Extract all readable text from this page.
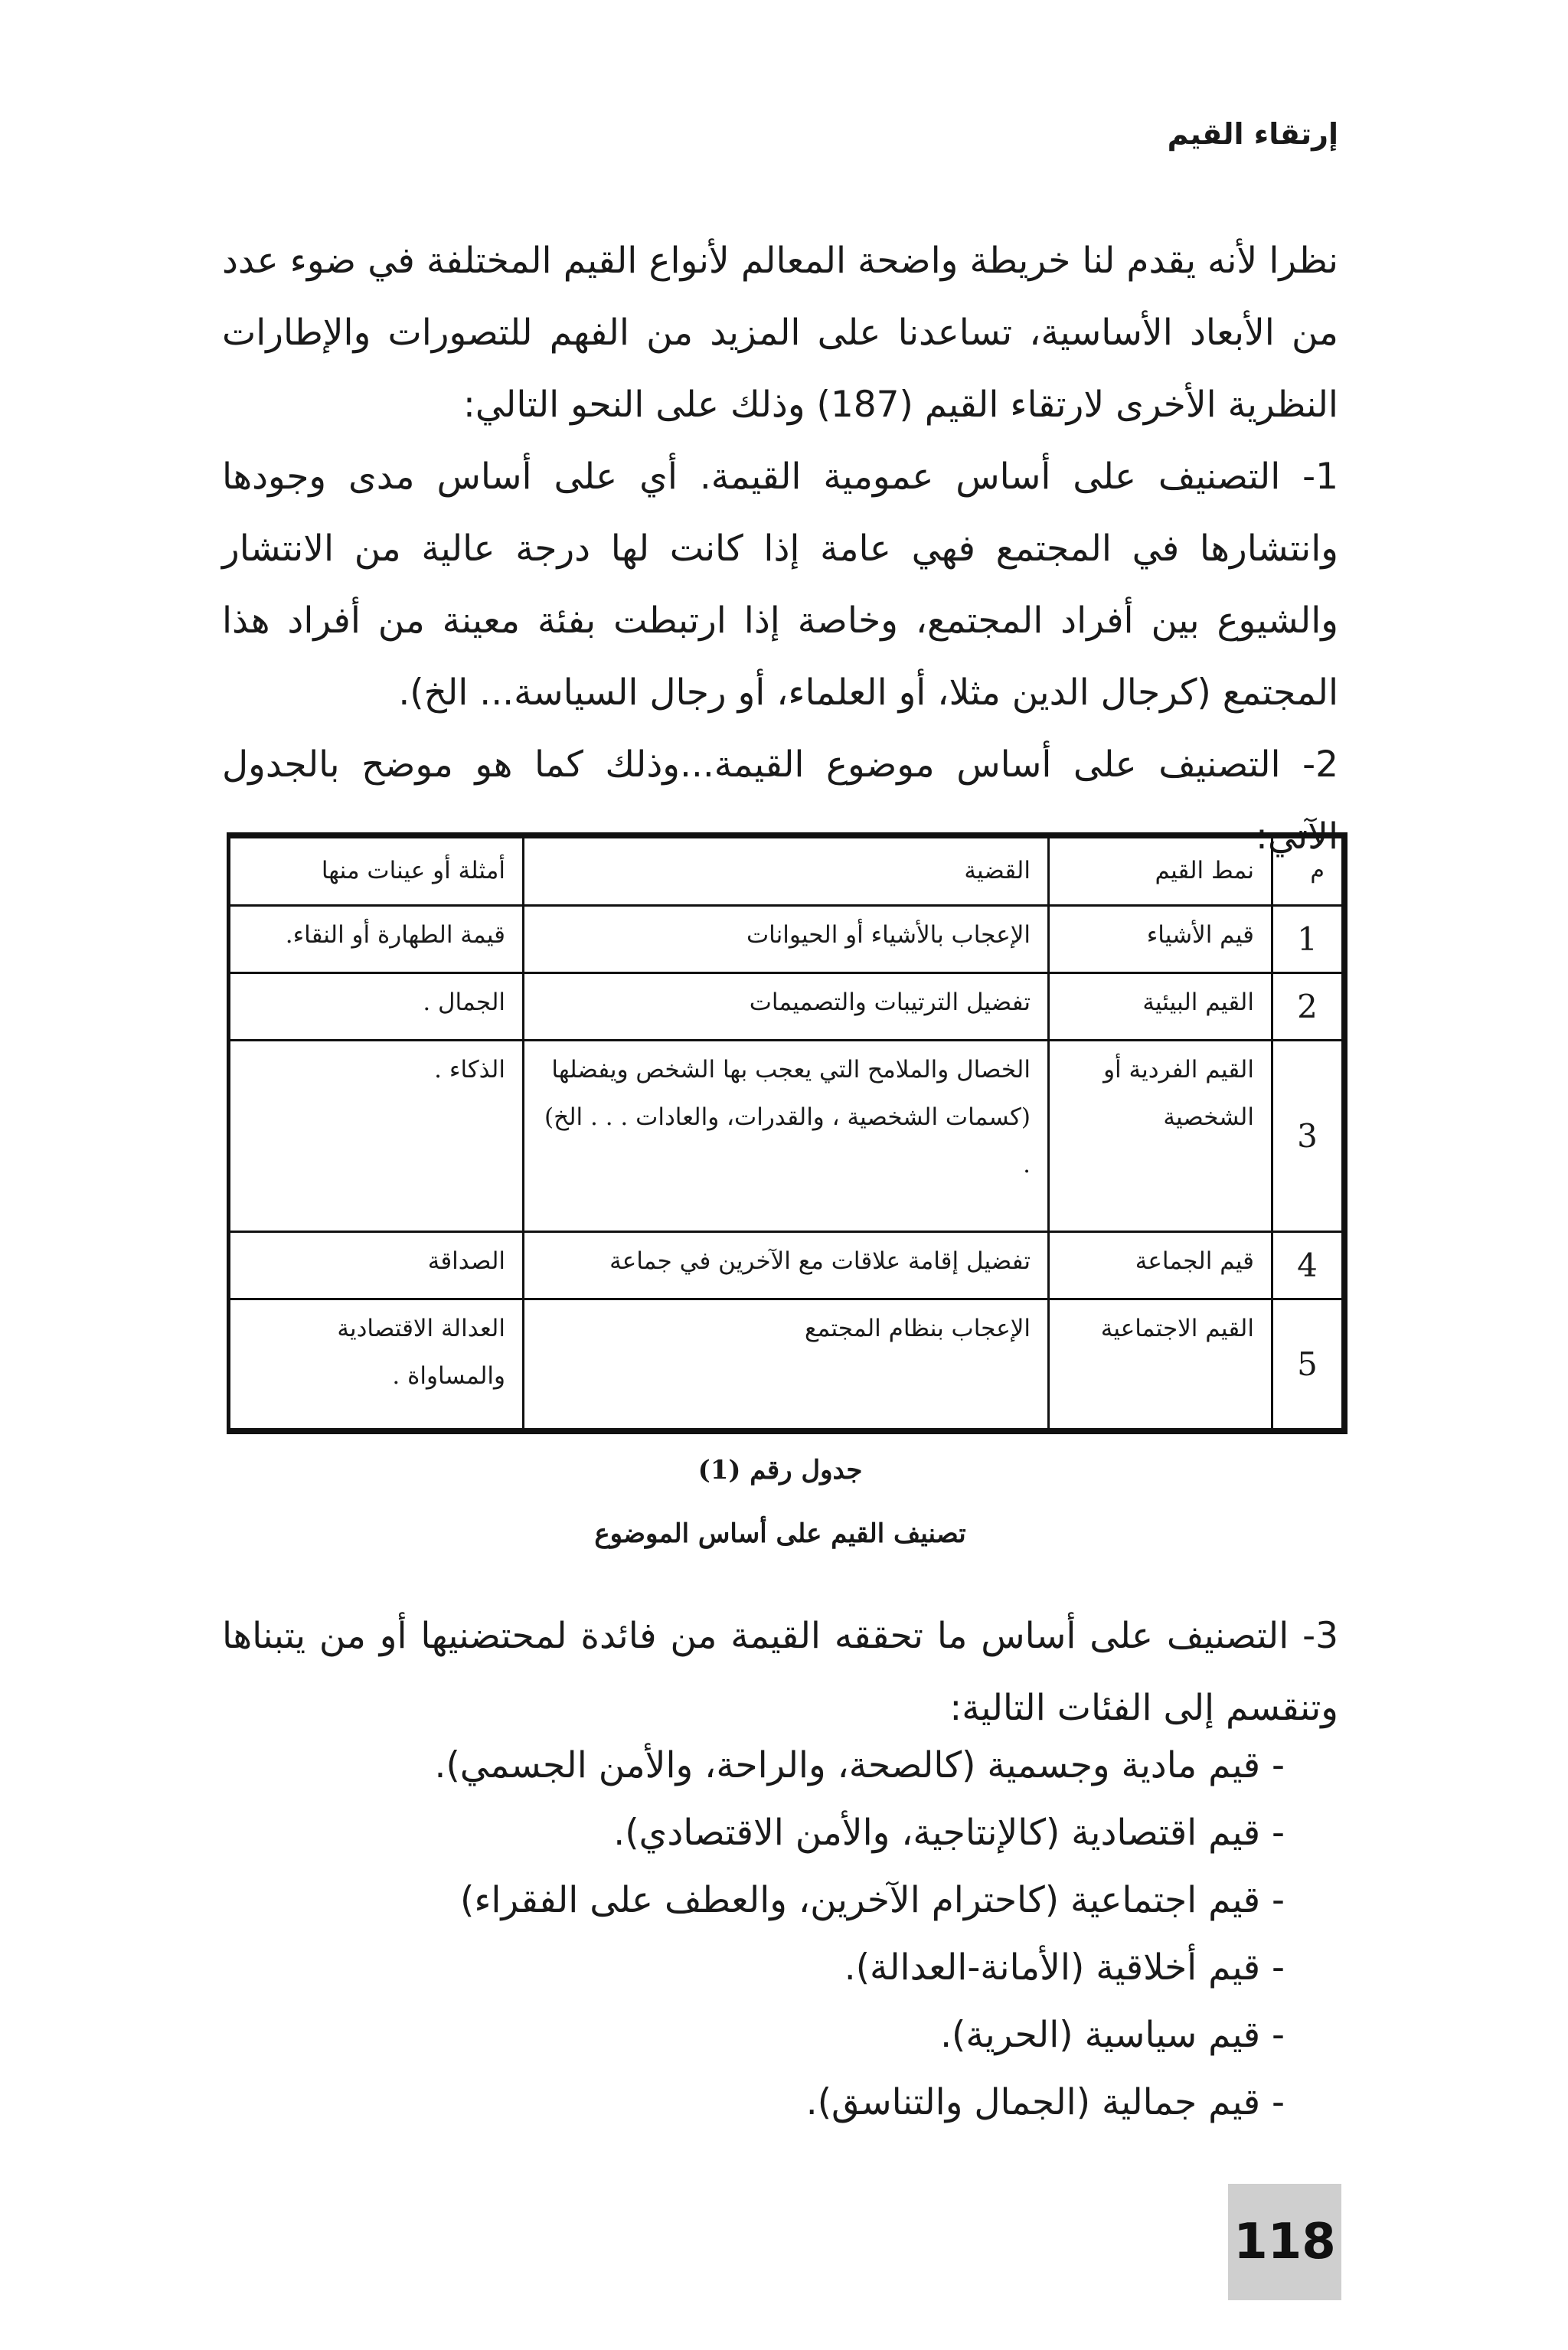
إرتقاء القيم

نظرا لأنه يقدم لنا خريطة واضحة المعالم لأنواع القيم المختلفة في ضوء عدد من الأبعاد الأساسية، تساعدنا على المزيد من الفهم للتصورات والإطارات النظرية الأخرى لارتقاء القيم (187) وذلك على النحو التالي:

1- التصنيف على أساس عمومية القيمة. أي على أساس مدى وجودها وانتشارها في المجتمع فهي عامة إذا كانت لها درجة عالية من الانتشار والشيوع بين أفراد المجتمع، وخاصة إذا ارتبطت بفئة معينة من أفراد هذا المجتمع (كرجال الدين مثلا، أو العلماء، أو رجال السياسة... الخ).

2- التصنيف على أساس موضوع القيمة...وذلك كما هو موضح بالجدول الآتي:

م	نمط القيم	القضية	أمثلة أو عينات منها
1	قيم الأشياء	الإعجاب بالأشياء أو الحيوانات	قيمة الطهارة أو النقاء.
2	القيم البيئية	تفضيل الترتيبات والتصميمات	الجمال .
3	القيم الفردية أو الشخصية	الخصال والملامح التي يعجب بها الشخص ويفضلها (كسمات الشخصية ، والقدرات، والعادات . . . الخ) .	الذكاء .
4	قيم الجماعة	تفضيل إقامة علاقات مع الآخرين في جماعة	الصداقة
5	القيم الاجتماعية	الإعجاب بنظام المجتمع	العدالة الاقتصادية والمساواة .
جدول رقم (1)
تصنيف القيم على أساس الموضوع

3- التصنيف على أساس ما تحققه القيمة من فائدة لمحتضنيها أو من يتبناها وتنقسم إلى الفئات التالية:

- قيم مادية وجسمية (كالصحة، والراحة، والأمن الجسمي).
- قيم اقتصادية (كالإنتاجية، والأمن الاقتصادي).
- قيم اجتماعية (كاحترام الآخرين، والعطف على الفقراء)
- قيم أخلاقية (الأمانة-العدالة).
- قيم سياسية (الحرية).
- قيم جمالية (الجمال والتناسق).
118
